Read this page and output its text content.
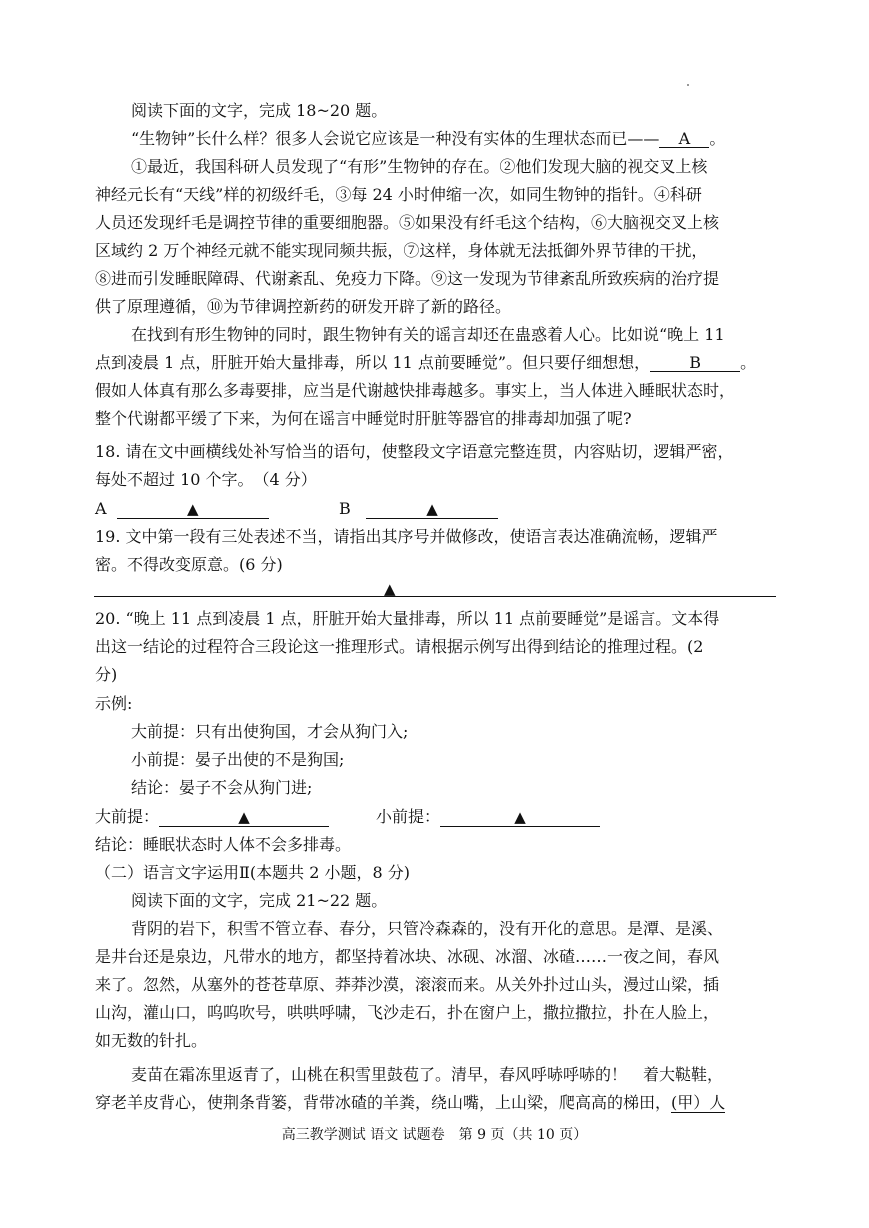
阅读下面的文字，完成 18~20 题。

“生物钟”长什么样？很多人会说它应该是一种没有实体的生理状态而已—— A 。

①最近，我国科研人员发现了“有形”生物钟的存在。②他们发现大脑的视交叉上核

神经元长有“天线”样的初级纤毛，③每 24 小时伸缩一次，如同生物钟的指针。④科研

人员还发现纤毛是调控节律的重要细胞器。⑤如果没有纤毛这个结构，⑥大脑视交叉上核

区域约 2 万个神经元就不能实现同频共振，⑦这样，身体就无法抵御外界节律的干扰，

⑧进而引发睡眠障碍、代谢紊乱、免疫力下降。⑨这一发现为节律紊乱所致疾病的治疗提

供了原理遵循，⑩为节律调控新药的研发开辟了新的路径。

在找到有形生物钟的同时，跟生物钟有关的谣言却还在蛊惑着人心。比如说“晚上 11

点到凌晨 1 点，肝脏开始大量排毒，所以 11 点前要睡觉”。但只要仔细想想， B 。

假如人体真有那么多毒要排，应当是代谢越快排毒越多。事实上，当人体进入睡眠状态时，

整个代谢都平缓了下来，为何在谣言中睡觉时肝脏等器官的排毒却加强了呢?

18. 请在文中画横线处补写恰当的语句，使整段文字语意完整连贯，内容贴切，逻辑严密，

每处不超过 10 个字。　（4 分）

A	▲	B	▲

19. 文中第一段有三处表述不当，请指出其序号并做修改，使语言表达准确流畅，逻辑严

密。不得改变原意。(6 分)

▲

20. “晚上 11 点到凌晨 1 点，肝脏开始大量排毒，所以 11 点前要睡觉”是谣言。文本得

出这一结论的过程符合三段论这一推理形式。请根据示例写出得到结论的推理过程。(2

分)

示例:

大前提：只有出使狗国，才会从狗门入;

小前提：晏子出使的不是狗国;

结论：晏子不会从狗门进;

大前提：	▲	小前提：	▲

结论：睡眠状态时人体不会多排毒。

（二）语言文字运用Ⅱ(本题共 2 小题，8 分)

阅读下面的文字，完成 21~22 题。

背阴的岩下，积雪不管立春、春分，只管冷森森的，没有开化的意思。是潭、是溪、

是井台还是泉边，凡带水的地方，都坚持着冰块、冰砚、冰溜、冰碴……一夜之间，春风

来了。忽然，从塞外的苍苍草原、莽莽沙漠，滚滚而来。从关外扑过山头，漫过山梁，插

山沟，灌山口，呜呜吹号，哄哄呼啸，飞沙走石，扑在窗户上，撒拉撒拉，扑在人脸上，

如无数的针扎。

麦苗在霜冻里返青了，山桃在积雪里鼓苞了。清早，春风呼哧呼哧的！　着大鞑鞋，

穿老羊皮背心，使荆条背篓，背带冰碴的羊粪，绕山嘴，上山梁，爬高高的梯田，(甲）人

高三教学测试 语文 试题卷　第 9 页（共 10 页）
